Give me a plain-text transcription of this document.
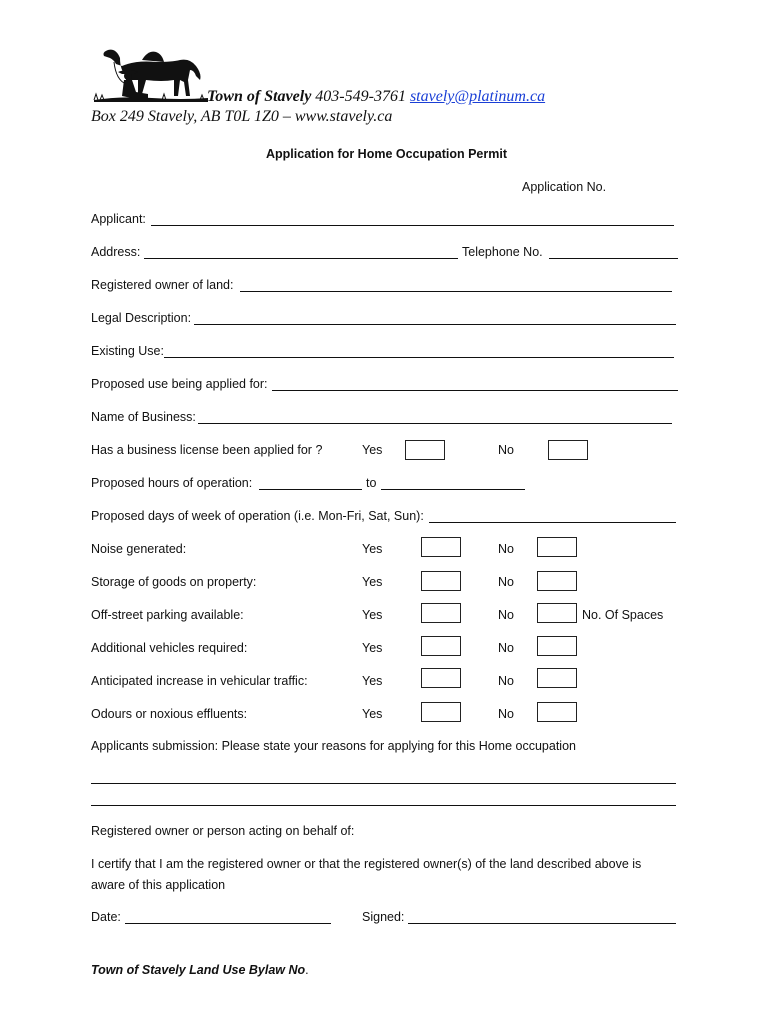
Town of Stavely 403-549-3761 stavely@platinum.ca
Box 249 Stavely, AB T0L 1Z0 – www.stavely.ca
Application for Home Occupation Permit
Application No.
Applicant:
Address:	Telephone No.
Registered owner of land:
Legal Description:
Existing Use:
Proposed use being applied for:
Name of Business:
Has a business license been applied for ?	Yes	No
Proposed hours of operation:	to
Proposed days of week of operation (i.e. Mon-Fri, Sat, Sun):
Noise generated:	Yes	No
Storage of goods on property:	Yes	No
Off-street parking available:	Yes	No	No. Of Spaces
Additional vehicles required:	Yes	No
Anticipated increase in vehicular traffic:	Yes	No
Odours or noxious effluents:	Yes	No
Applicants submission: Please state your reasons for applying for this Home occupation
Registered owner or person acting on behalf of:
I certify that I am the registered owner or that the registered owner(s) of the land described above is
aware of this application
Date:	Signed:
Town of Stavely Land Use Bylaw No.
